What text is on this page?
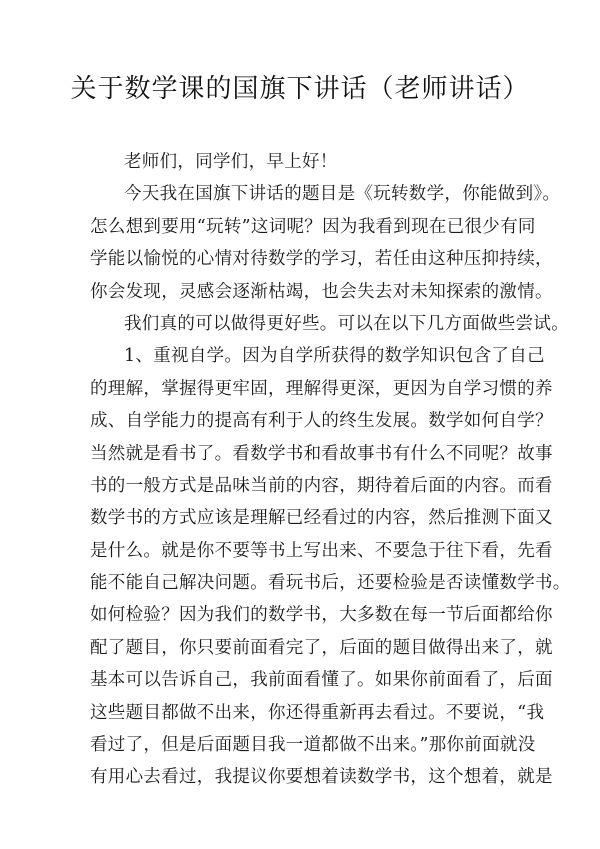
关于数学课的国旗下讲话（老师讲话）
老师们，同学们，早上好！
今天我在国旗下讲话的题目是《玩转数学，你能做到》。
怎么想到要用“玩转”这词呢？因为我看到现在已很少有同
学能以愉悦的心情对待数学的学习，若任由这种压抑持续，
你会发现，灵感会逐渐枯竭，也会失去对未知探索的激情。
我们真的可以做得更好些。可以在以下几方面做些尝试。
1、重视自学。因为自学所获得的数学知识包含了自己
的理解，掌握得更牢固，理解得更深，更因为自学习惯的养
成、自学能力的提高有利于人的终生发展。数学如何自学？
当然就是看书了。看数学书和看故事书有什么不同呢？故事
书的一般方式是品味当前的内容，期待着后面的内容。而看
数学书的方式应该是理解已经看过的内容，然后推测下面又
是什么。就是你不要等书上写出来、不要急于往下看，先看
能不能自己解决问题。看玩书后，还要检验是否读懂数学书。
如何检验？因为我们的数学书，大多数在每一节后面都给你
配了题目，你只要前面看完了，后面的题目做得出来了，就
基本可以告诉自己，我前面看懂了。如果你前面看了，后面
这些题目都做不出来，你还得重新再去看过。不要说，“我
看过了，但是后面题目我一道都做不出来。”那你前面就没
有用心去看过，我提议你要想着读数学书，这个想着，就是
